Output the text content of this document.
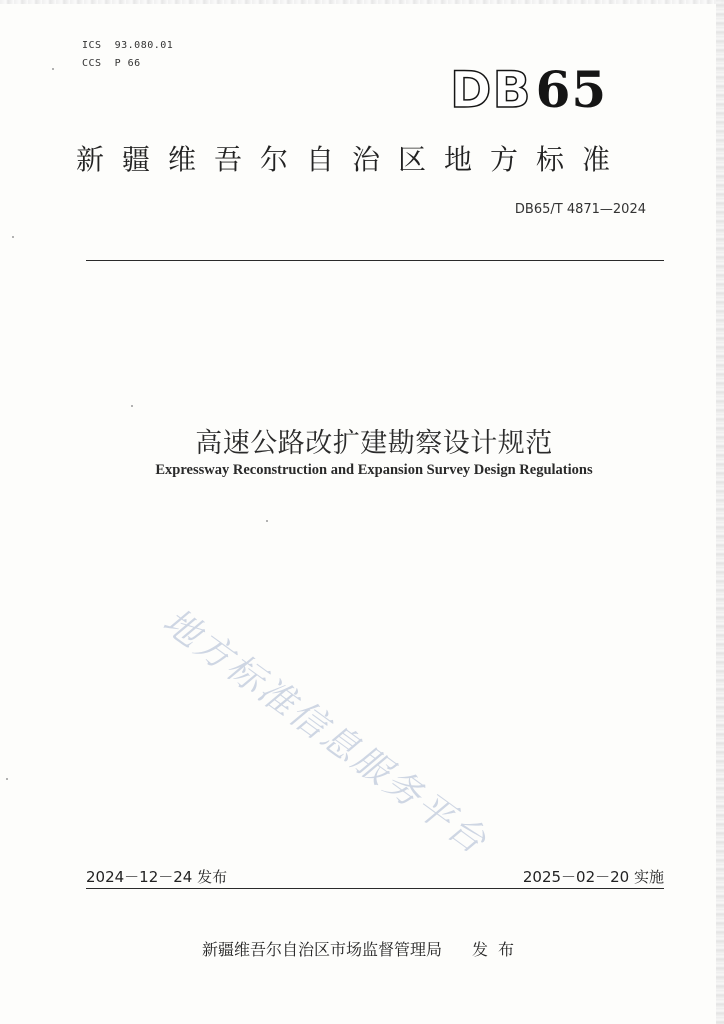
ICS 93.080.01
CCS P 66	DB65
新疆维吾尔自治区地方标准
DB65/T 4871—2024
高速公路改扩建勘察设计规范
Expressway Reconstruction and Expansion Survey Design Regulations
地方标准信息服务平台
2024－12－24 发布	2025－02－20 实施
新疆维吾尔自治区市场监督管理局 发布
